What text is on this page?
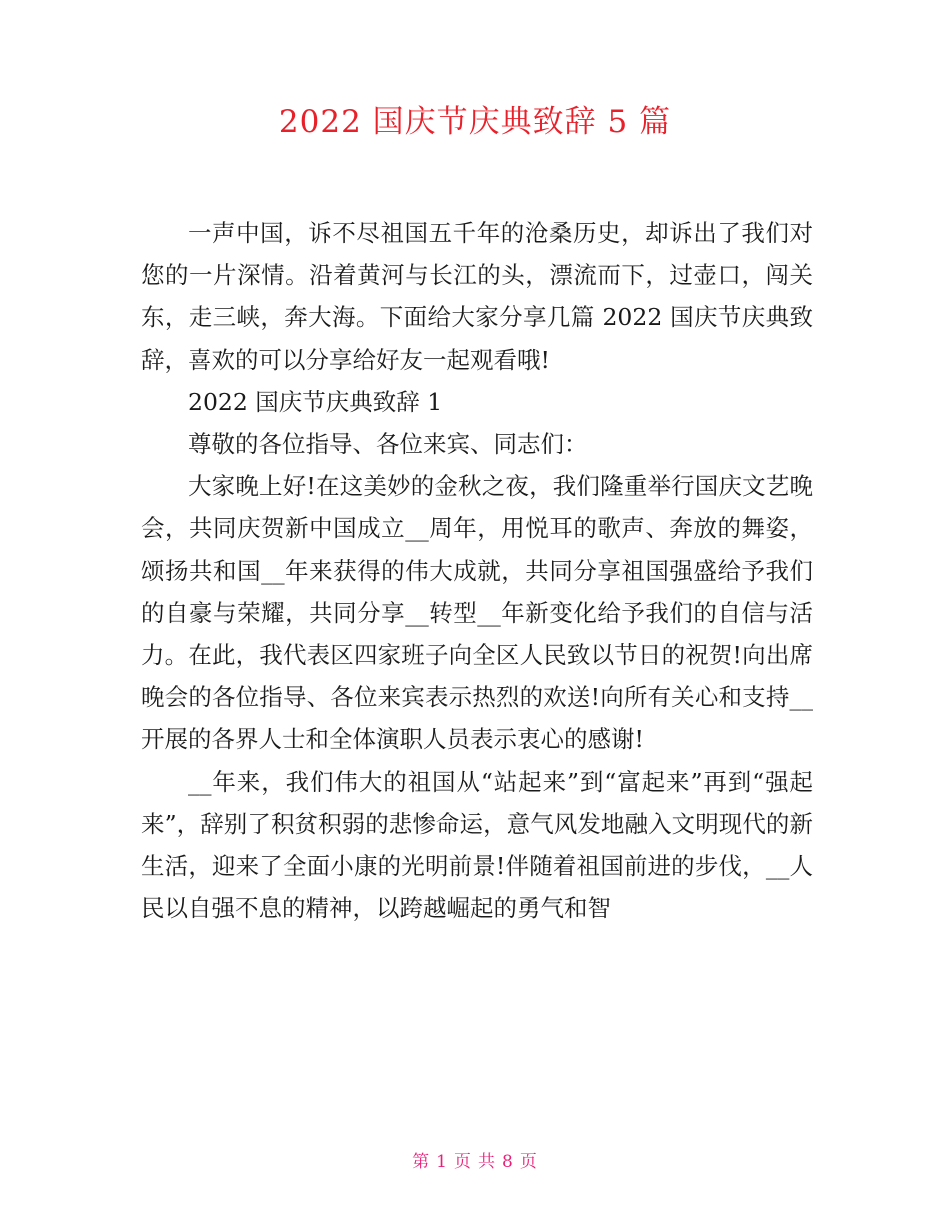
2022 国庆节庆典致辞 5 篇

一声中国，诉不尽祖国五千年的沧桑历史，却诉出了我们对您的一片深情。沿着黄河与长江的头，漂流而下，过壶口，闯关东，走三峡，奔大海。下面给大家分享几篇 2022 国庆节庆典致辞，喜欢的可以分享给好友一起观看哦!

2022 国庆节庆典致辞 1

尊敬的各位指导、各位来宾、同志们：

大家晚上好!在这美妙的金秋之夜，我们隆重举行国庆文艺晚会，共同庆贺新中国成立__周年，用悦耳的歌声、奔放的舞姿，颂扬共和国__年来获得的伟大成就，共同分享祖国强盛给予我们的自豪与荣耀，共同分享__转型__年新变化给予我们的自信与活力。在此，我代表区四家班子向全区人民致以节日的祝贺!向出席晚会的各位指导、各位来宾表示热烈的欢送!向所有关心和支持__开展的各界人士和全体演职人员表示衷心的感谢!

__年来，我们伟大的祖国从“站起来”到“富起来”再到“强起来”，辞别了积贫积弱的悲惨命运，意气风发地融入文明现代的新生活，迎来了全面小康的光明前景!伴随着祖国前进的步伐，__人民以自强不息的精神，以跨越崛起的勇气和智

第 1 页 共 8 页
